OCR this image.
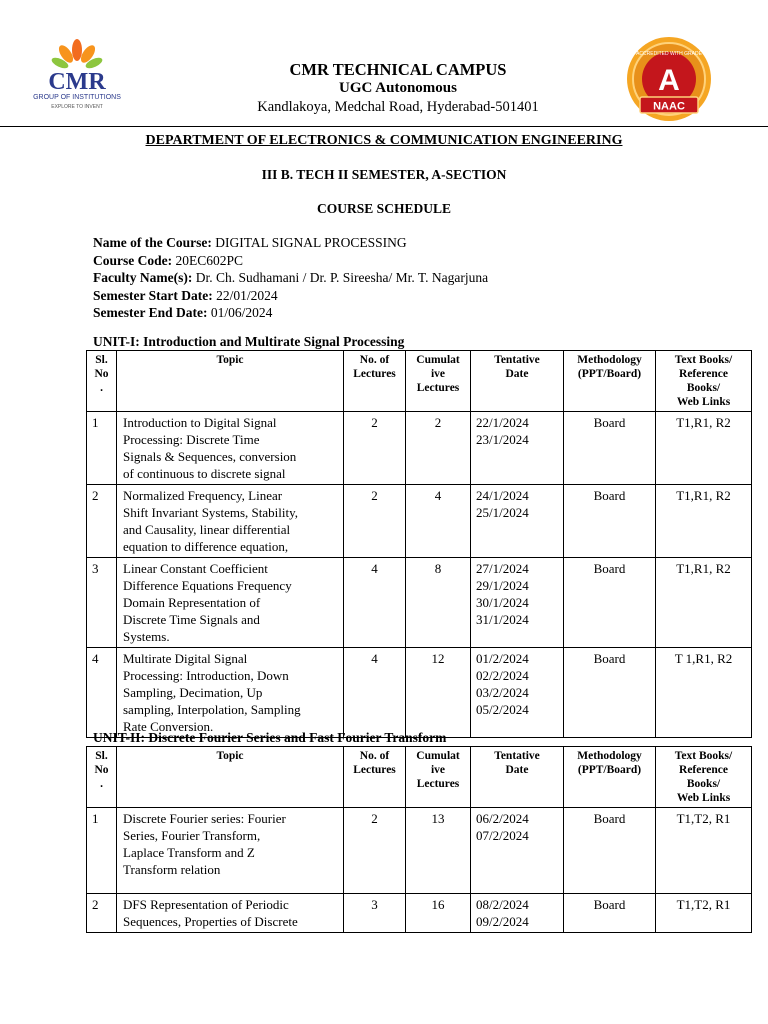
CMR
GROUP OF INSTITUTIONS
EXPLORE TO INVENT
CMR TECHNICAL CAMPUS
UGC Autonomous
Kandlakoya, Medchal Road, Hyderabad-501401
A
NAAC
ACCREDITED WITH GRADE
DEPARTMENT OF ELECTRONICS & COMMUNICATION ENGINEERING
III B. TECH II SEMESTER, A-SECTION
COURSE SCHEDULE
Name of the Course: DIGITAL SIGNAL PROCESSING
Course Code: 20EC602PC
Faculty Name(s): Dr. Ch. Sudhamani / Dr. P. Sireesha/ Mr. T. Nagarjuna
Semester Start Date: 22/01/2024
Semester End Date: 01/06/2024
UNIT-I: Introduction and Multirate Signal Processing
Sl.
No
.	Topic	No. of
Lectures	Cumulat
ive
Lectures	Tentative
Date	Methodology
(PPT/Board)	Text Books/
Reference
Books/
Web Links

1	Introduction to Digital Signal
Processing: Discrete Time
Signals & Sequences, conversion
of continuous to discrete signal	2	2	22/1/2024
23/1/2024	Board	T1,R1, R2
2	Normalized Frequency, Linear
Shift Invariant Systems, Stability,
and Causality, linear differential
equation to difference equation,	2	4	24/1/2024
25/1/2024	Board	T1,R1, R2
3	Linear Constant Coefficient
Difference Equations Frequency
Domain Representation of
Discrete Time Signals and
Systems.	4	8	27/1/2024
29/1/2024
30/1/2024
31/1/2024	Board	T1,R1, R2
4	Multirate Digital Signal
Processing: Introduction, Down
Sampling, Decimation, Up
sampling, Interpolation, Sampling
Rate Conversion.	4	12	01/2/2024
02/2/2024
03/2/2024
05/2/2024	Board	T 1,R1, R2
UNIT-II: Discrete Fourier Series and Fast Fourier Transform
Sl.
No
.	Topic	No. of
Lectures	Cumulat
ive
Lectures	Tentative
Date	Methodology
(PPT/Board)	Text Books/
Reference
Books/
Web Links

1	Discrete Fourier series: Fourier
Series, Fourier Transform,
Laplace Transform and Z
Transform relation	2	13	06/2/2024
07/2/2024	Board	T1,T2, R1
2	DFS Representation of Periodic
Sequences, Properties of Discrete	3	16	08/2/2024
09/2/2024	Board	T1,T2, R1
